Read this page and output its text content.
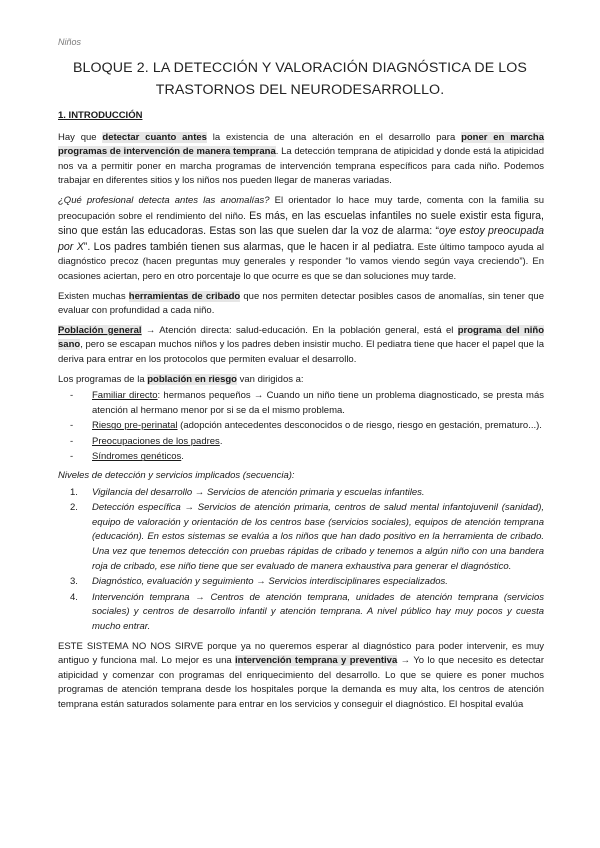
Niños
BLOQUE 2. LA DETECCIÓN Y VALORACIÓN DIAGNÓSTICA DE LOS
TRASTORNOS DEL NEURODESARROLLO.

1. INTRODUCCIÓN

Hay que detectar cuanto antes la existencia de una alteración en el desarrollo para poner en marcha programas de intervención de manera temprana. La detección temprana de atipicidad y donde está la atipicidad nos va a permitir poner en marcha programas de intervención temprana específicos para cada niño. Podemos trabajar en diferentes sitios y los niños nos pueden llegar de maneras variadas.

¿Qué profesional detecta antes las anomalías? El orientador lo hace muy tarde, comenta con la familia su preocupación sobre el rendimiento del niño. Es más, en las escuelas infantiles no suele existir esta figura, sino que están las educadoras. Estas son las que suelen dar la voz de alarma: “oye estoy preocupada por X”. Los padres también tienen sus alarmas, que le hacen ir al pediatra. Este último tampoco ayuda al diagnóstico precoz (hacen preguntas muy generales y responder “lo vamos viendo según vaya creciendo”). En ocasiones aciertan, pero en otro porcentaje lo que ocurre es que se dan soluciones muy tarde.

Existen muchas herramientas de cribado que nos permiten detectar posibles casos de anomalías, sin tener que evaluar con profundidad a cada niño.

Población general → Atención directa: salud-educación. En la población general, está el programa del niño sano, pero se escapan muchos niños y los padres deben insistir mucho. El pediatra tiene que hacer el papel que la deriva para entrar en los protocolos que permiten evaluar el desarrollo.

Los programas de la población en riesgo van dirigidos a:

- Familiar directo: hermanos pequeños → Cuando un niño tiene un problema diagnosticado, se presta más atención al hermano menor por si se da el mismo problema.
- Riesgo pre-perinatal (adopción antecedentes desconocidos o de riesgo, riesgo en gestación, prematuro...).
- Preocupaciones de los padres.
- Síndromes genéticos.

Niveles de detección y servicios implicados (secuencia):

1. Vigilancia del desarrollo → Servicios de atención primaria y escuelas infantiles.
2. Detección específica → Servicios de atención primaria, centros de salud mental infantojuvenil (sanidad), equipo de valoración y orientación de los centros base (servicios sociales), equipos de atención temprana (educación). En estos sistemas se evalúa a los niños que han dado positivo en la herramienta de cribado. Una vez que tenemos detección con pruebas rápidas de cribado y tenemos a algún niño con una bandera roja de cribado, ese niño tiene que ser evaluado de manera exhaustiva para generar el diagnóstico.
3. Diagnóstico, evaluación y seguimiento → Servicios interdisciplinares especializados.
4. Intervención temprana → Centros de atención temprana, unidades de atención temprana (servicios sociales) y centros de desarrollo infantil y atención temprana. A nivel público hay muy pocos y cuesta mucho entrar.

ESTE SISTEMA NO NOS SIRVE porque ya no queremos esperar al diagnóstico para poder intervenir, es muy antiguo y funciona mal. Lo mejor es una intervención temprana y preventiva → Yo lo que necesito es detectar atipicidad y comenzar con programas del enriquecimiento del desarrollo. Lo que se quiere es poner muchos programas de atención temprana desde los hospitales porque la demanda es muy alta, los centros de atención temprana están saturados solamente para entrar en los servicios y conseguir el diagnóstico. El hospital evalúa
